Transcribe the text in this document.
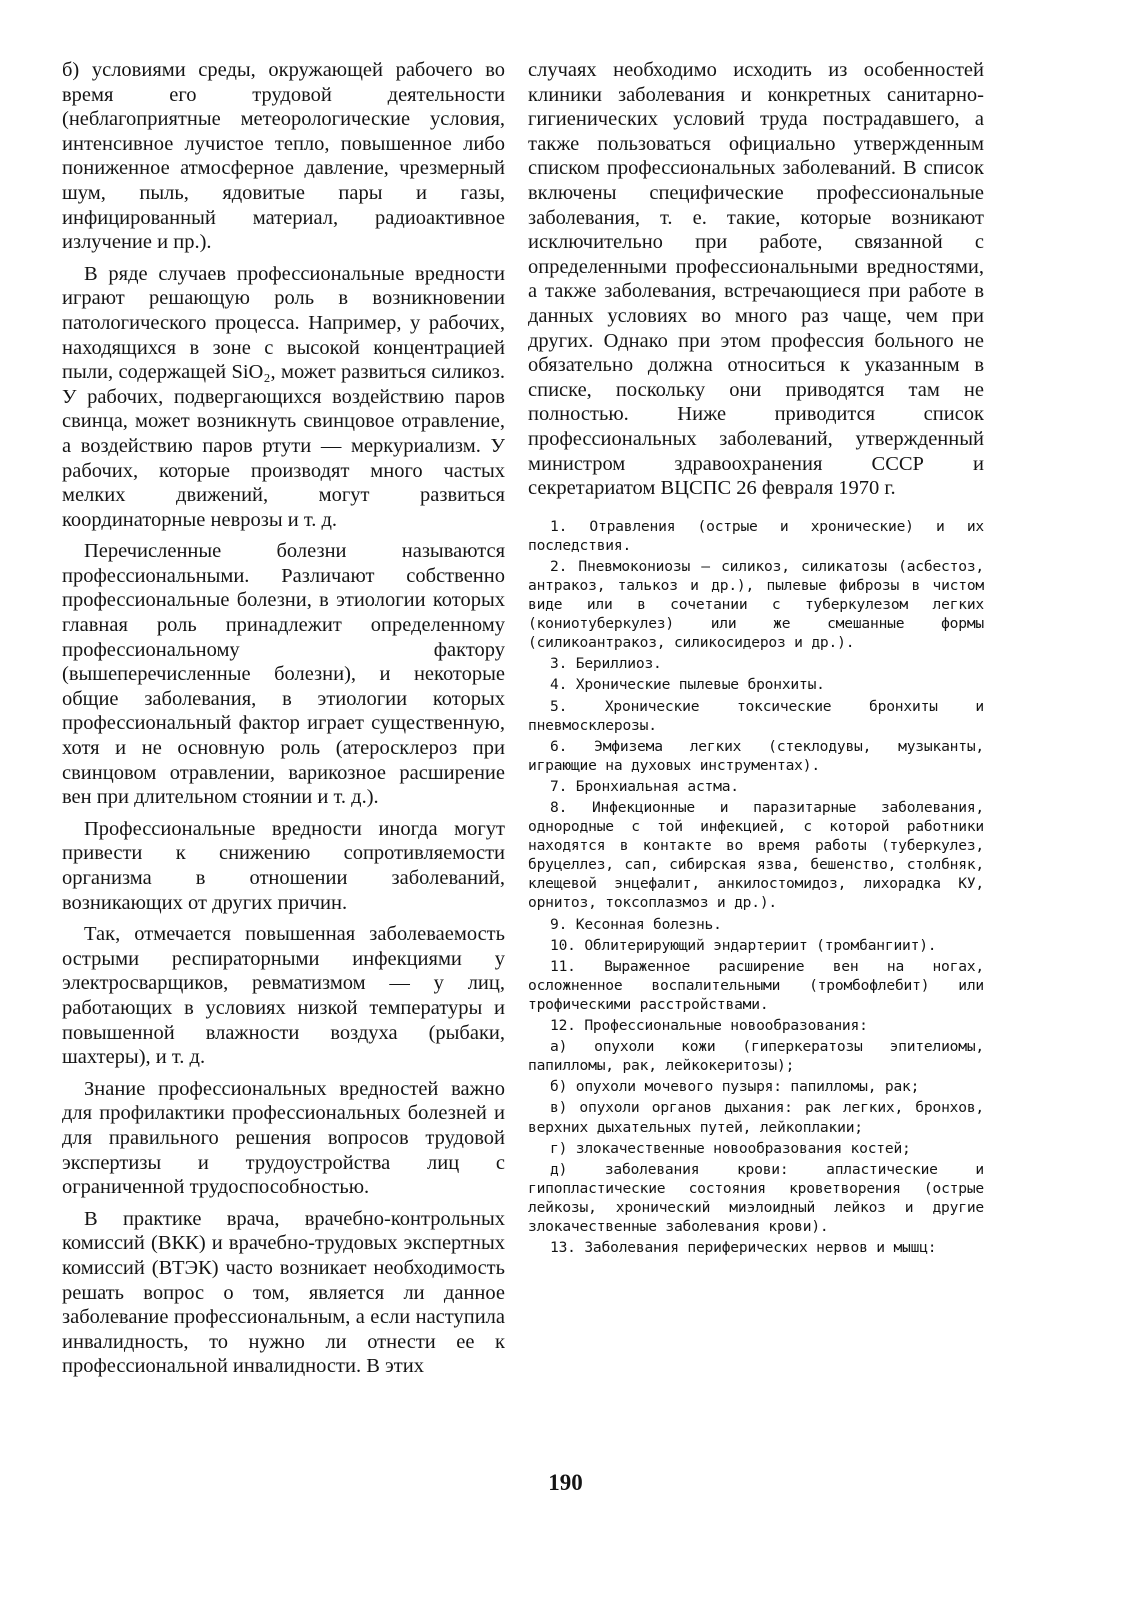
б) условиями среды, окружающей рабочего во время его трудовой деятельности (неблагоприятные метеорологические условия, интенсивное лучистое тепло, повышенное либо пониженное атмосферное давление, чрезмерный шум, пыль, ядовитые пары и газы, инфицированный материал, радиоактивное излучение и пр.).

В ряде случаев профессиональные вредности играют решающую роль в возникновении патологического процесса. Например, у рабочих, находящихся в зоне с высокой концентрацией пыли, содержащей SiO₂, может развиться силикоз. У рабочих, подвергающихся воздействию паров свинца, может возникнуть свинцовое отравление, а воздействию паров ртути — меркуриализм. У рабочих, которые производят много частых мелких движений, могут развиться координаторные неврозы и т. д.

Перечисленные болезни называются профессиональными. Различают собственно профессиональные болезни, в этиологии которых главная роль принадлежит определенному профессиональному фактору (вышеперечисленные болезни), и некоторые общие заболевания, в этиологии которых профессиональный фактор играет существенную, хотя и не основную роль (атеросклероз при свинцовом отравлении, варикозное расширение вен при длительном стоянии и т. д.).

Профессиональные вредности иногда могут привести к снижению сопротивляемости организма в отношении заболеваний, возникающих от других причин.

Так, отмечается повышенная заболеваемость острыми респираторными инфекциями у электросварщиков, ревматизмом — у лиц, работающих в условиях низкой температуры и повышенной влажности воздуха (рыбаки, шахтеры), и т. д.

Знание профессиональных вредностей важно для профилактики профессиональных болезней и для правильного решения вопросов трудовой экспертизы и трудоустройства лиц с ограниченной трудоспособностью.

В практике врача, врачебно-контрольных комиссий (ВКК) и врачебно-трудовых экспертных комиссий (ВТЭК) часто возникает необходимость решать вопрос о том, является ли данное заболевание профессиональным, а если наступила инвалидность, то нужно ли отнести ее к профессиональной инвалидности. В этих

случаях необходимо исходить из особенностей клиники заболевания и конкретных санитарно-гигиенических условий труда пострадавшего, а также пользоваться официально утвержденным списком профессиональных заболеваний. В список включены специфические профессиональные заболевания, т. е. такие, которые возникают исключительно при работе, связанной с определенными профессиональными вредностями, а также заболевания, встречающиеся при работе в данных условиях во много раз чаще, чем при других. Однако при этом профессия больного не обязательно должна относиться к указанным в списке, поскольку они приводятся там не полностью. Ниже приводится список профессиональных заболеваний, утвержденный министром здравоохранения СССР и секретариатом ВЦСПС 26 февраля 1970 г.

1. Отравления (острые и хронические) и их последствия.

2. Пневмокониозы — силикоз, силикатозы (асбестоз, антракоз, талькоз и др.), пылевые фиброзы в чистом виде или в сочетании с туберкулезом легких (кониотуберкулез) или же смешанные формы (силикоантракоз, силикосидероз и др.).

3. Бериллиоз.

4. Хронические пылевые бронхиты.

5. Хронические токсические бронхиты и пневмосклерозы.

6. Эмфизема легких (стеклодувы, музыканты, играющие на духовых инструментах).

7. Бронхиальная астма.

8. Инфекционные и паразитарные заболевания, однородные с той инфекцией, с которой работники находятся в контакте во время работы (туберкулез, бруцеллез, сап, сибирская язва, бешенство, столбняк, клещевой энцефалит, анкилостомидоз, лихорадка КУ, орнитоз, токсоплазмоз и др.).

9. Кесонная болезнь.

10. Облитерирующий эндартериит (тромбангиит).

11. Выраженное расширение вен на ногах, осложненное воспалительными (тромбофлебит) или трофическими расстройствами.

12. Профессиональные новообразования:

а) опухоли кожи (гиперкератозы эпителиомы, папилломы, рак, лейкокеритозы);

б) опухоли мочевого пузыря: папилломы, рак;

в) опухоли органов дыхания: рак легких, бронхов, верхних дыхательных путей, лейкоплакии;

г) злокачественные новообразования костей;

д) заболевания крови: апластические и гипопластические состояния кроветворения (острые лейкозы, хронический миэлоидный лейкоз и другие злокачественные заболевания крови).

13. Заболевания периферических нервов и мышц:

190
